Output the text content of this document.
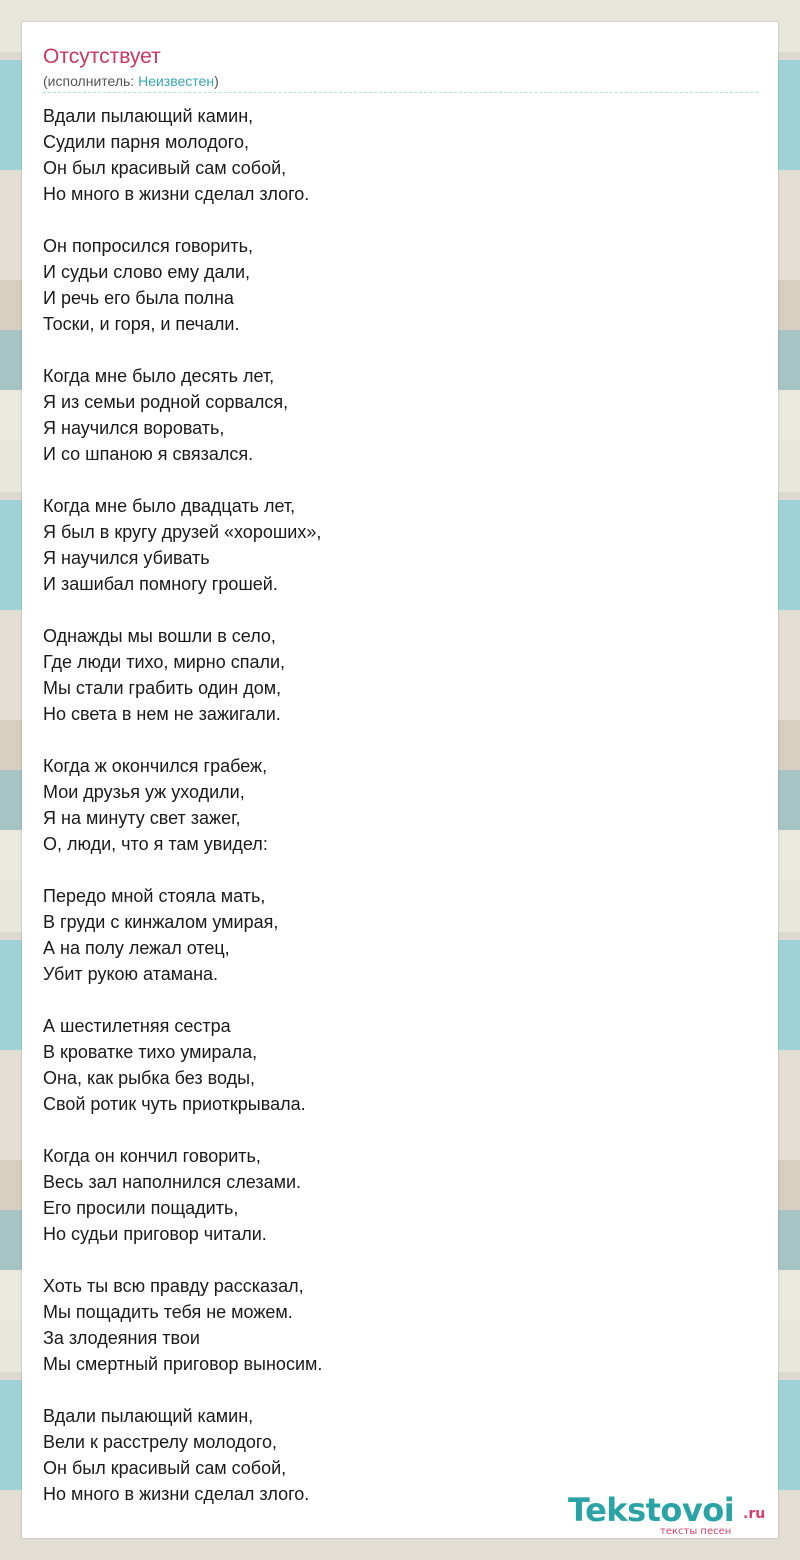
Отсутствует
(исполнитель: Неизвестен)
Вдали пылающий камин,
Судили парня молодого,
Он был красивый сам собой,
Но много в жизни сделал злого.
Он попросился говорить,
И судьи слово ему дали,
И речь его была полна
Тоски, и горя, и печали.
Когда мне было десять лет,
Я из семьи родной сорвался,
Я научился воровать,
И со шпаною я связался.
Когда мне было двадцать лет,
Я был в кругу друзей «хороших»,
Я научился убивать
И зашибал помногу грошей.
Однажды мы вошли в село,
Где люди тихо, мирно спали,
Мы стали грабить один дом,
Но света в нем не зажигали.
Когда ж окончился грабеж,
Мои друзья уж уходили,
Я на минуту свет зажег,
О, люди, что я там увидел:
Передо мной стояла мать,
В груди с кинжалом умирая,
А на полу лежал отец,
Убит рукою атамана.
А шестилетняя сестра
В кроватке тихо умирала,
Она, как рыбка без воды,
Свой ротик чуть приоткрывала.
Когда он кончил говорить,
Весь зал наполнился слезами.
Его просили пощадить,
Но судьи приговор читали.
Хоть ты всю правду рассказал,
Мы пощадить тебя не можем.
За злодеяния твои
Мы смертный приговор выносим.
Вдали пылающий камин,
Вели к расстрелу молодого,
Он был красивый сам собой,
Но много в жизни сделал злого.	Tekstovoi .ru
тексты песен
